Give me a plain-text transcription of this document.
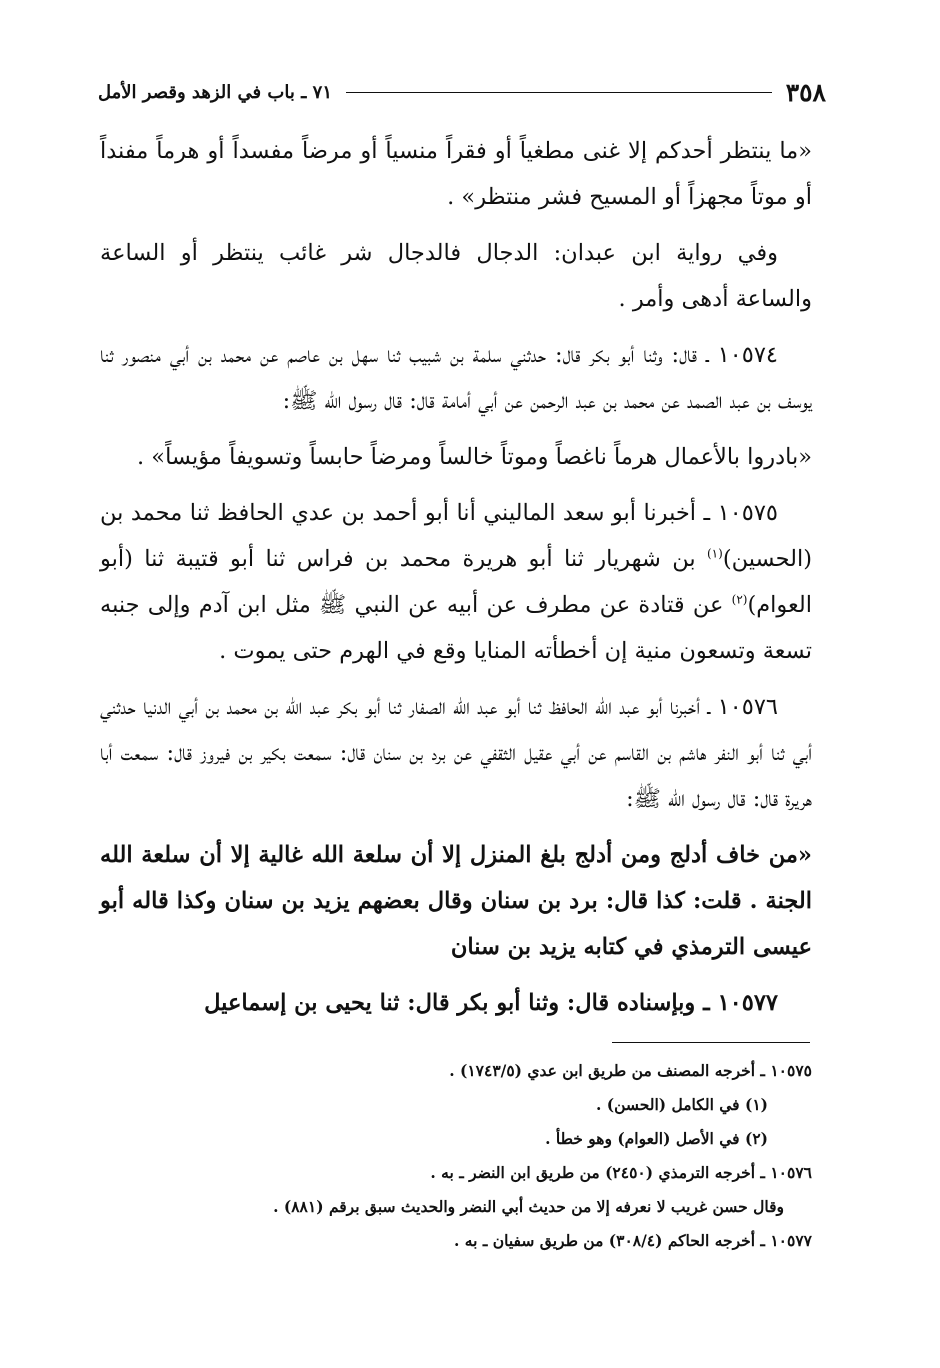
٣٥٨
٧١ ـ باب في الزهد وقصر الأمل

«ما ينتظر أحدكم إلا غنى مطغياً أو فقراً منسياً أو مرضاً مفسداً أو هرماً مفنداً أو موتاً مجهزاً أو المسيح فشر منتظر» .

وفي رواية ابن عبدان: الدجال فالدجال شر غائب ينتظر أو الساعة والساعة أدهى وأمر .

١٠٥٧٤ ـ قال: وثنا أبو بكر قال: حدثني سلمة بن شبيب ثنا سهل بن عاصم عن محمد بن أبي منصور ثنا يوسف بن عبد الصمد عن محمد بن عبد الرحمن عن أبي أمامة قال: قال رسول الله ﷺ:

«بادروا بالأعمال هرماً ناغصاً وموتاً خالساً ومرضاً حابساً وتسويفاً مؤيساً» .

١٠٥٧٥ ـ أخبرنا أبو سعد الماليني أنا أبو أحمد بن عدي الحافظ ثنا محمد بن (الحسين)$^{(١)}$ بن شهريار ثنا أبو هريرة محمد بن فراس ثنا أبو قتيبة ثنا (أبو العوام)$^{(٢)}$ عن قتادة عن مطرف عن أبيه عن النبي ﷺ مثل ابن آدم وإلى جنبه تسعة وتسعون منية إن أخطأته المنايا وقع في الهرم حتى يموت .

١٠٥٧٦ ـ أخبرنا أبو عبد الله الحافظ ثنا أبو عبد الله الصفار ثنا أبو بكر عبد الله بن محمد بن أبي الدنيا حدثني أبي ثنا أبو النفر هاشم بن القاسم عن أبي عقيل الثقفي عن برد بن سنان قال: سمعت بكير بن فيروز قال: سمعت أبا هريرة قال: قال رسول الله ﷺ:

«من خاف أدلج ومن أدلج بلغ المنزل إلا أن سلعة الله غالية إلا أن سلعة الله الجنة . قلت: كذا قال: برد بن سنان وقال بعضهم يزيد بن سنان وكذا قاله أبو عيسى الترمذي في كتابه يزيد بن سنان

١٠٥٧٧ ـ وبإسناده قال: وثنا أبو بكر قال: ثنا يحيى بن إسماعيل

١٠٥٧٥ ـ أخرجه المصنف من طريق ابن عدي (١٧٤٣/٥) .

(١) في الكامل (الحسن) .

(٢) في الأصل (العوام) وهو خطأ .

١٠٥٧٦ ـ أخرجه الترمذي (٢٤٥٠) من طريق ابن النضر ـ به .

وقال حسن غريب لا نعرفه إلا من حديث أبي النضر والحديث سبق برقم (٨٨١) .

١٠٥٧٧ ـ أخرجه الحاكم (٣٠٨/٤) من طريق سفيان ـ به .
